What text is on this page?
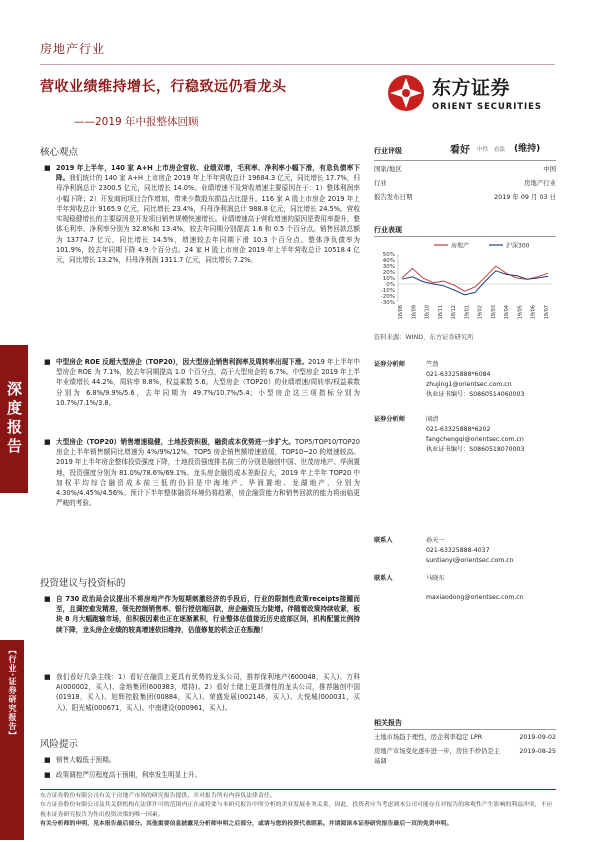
房地产行业
营收业绩维持增长，行稳致远仍看龙头
——2019 年中报整体回顾
东方证券
ORIENT SECURITIES
深度报告
【行业·证券研究报告】
核心观点
■ 2019 年上半年，140 家 A+H 上市房企营收、业绩双增，毛利率、净利率小幅下滑，有息负债率下降。我们统计的 140 家 A+H 上市房企 2019 年上半年营收总计 19684.3 亿元，同比增长 17.7%，归母净利润总计 2300.5 亿元，同比增长 14.0%。业绩增速不及营收增速主要原因在于：1）整体利润率小幅下降；2）开发商间项目合作增加，带来少数股东损益占比提升。116 家 A 股上市房企 2019 年上半年营收总计 9165.9 亿元，同比增长 23.4%，归母净利润总计 988.8 亿元，同比增长 24.5%。营收实现稳健增长的主要原因是开发项目销售规模快速增长。业绩增速高于营收增速的原因是费用率提升，整体毛利率、净利率分别为 32.8%和 13.4%，较去年同期分别提高 1.6 和 0.5 个百分点。销售回款总额为 13774.7 亿元，同比增长 14.5%，增速较去年同期下滑 10.3 个百分点。整体净负债率为 101.9%，较去年同期下降 4.9 个百分点。24 家 H 股上市房企 2019 年上半年营收总计 10518.4 亿元，同比增长 13.2%，归母净利润 1311.7 亿元，同比增长 7.2%。
■ 中型房企 ROE 反超大型房企（TOP20），因大型房企销售利润率及周转率出现下滑。2019 年上半年中型房企 ROE 为 7.1%，较去年同期提高 1.0 个百分点，高于大型房企的 6.7%。中型房企 2019 年上半年业绩增长 44.2%，周转率 8.8%，权益乘数 5.6。大型房企（TOP20）的业绩增速/周转率/权益乘数分别为 6.8%/9.9%/5.6，去年同期为 49.7%/10.7%/5.4；小型房企这三项指标分别为 10.7%/7.1%/3.8。
■ 大型房企（TOP20）销售增速稳健，土地投资积极，融资成本优势进一步扩大。TOP5/TOP10/TOP20 房企上半年销售额同比增速为 4%/9%/12%，TOP5 房企销售额增速放缓，TOP10~20 的增速较高。2019 年上半年房企整体投资强度下降，土地投资强度排名前三的分别是融创中国、世茂房地产、华润置地，投资强度分别为 81.0%/78.6%/69.1%。龙头房企融资成本差距拉大，2019 年上半年 TOP20 中加权平均综合融资成本前三低的仍旧是中海地产、华润置地、龙湖地产，分别为 4.30%/4.45%/4.56%。预计下半年整体融资环境仍将趋紧，房企融资能力和销售回款的能力将面临更严峻的考验。
投资建议与投资标的
■ 自 730 政治局会议提出不将房地产作为短期刺激经济的手段后，行业的限制性政策receipts接踵而至，且调控愈发精准，领先控制销售率、银行授信端回款，房企融资压力陡增。伴随着政策持续收紧，板块 8 月大幅跑输市场，但积极因素也正在逐渐累积，行业整体估值接近历史底部区间，机构配置比例持续下降，龙头房企业绩的较高增速依旧维持，估值修复的机会正在酝酿！
■ 我们看好几条主线：1）看好在融资上更具有优势的龙头公司，推荐保利地产(600048，买入)、万科 A(000002，买入)、金地集团(600383，增持)。2）看好土储上更具弹性的龙头公司，推荐融创中国(01918，买入)、旭辉控股集团(00884，买入)、荣盛发展(002146，买入)、大悦城(000031，买入)、阳光城(000671，买入)、中南建设(000961，买入)。
风险提示
■ 销售大幅低于预期。
■ 政策调控严厉程度高于预期，利率发生明显上升。
行业评级	看好 中性　看淡 (维持)
国家/地区	中国
行业	房地产行业
报告发布日期	2019 年 09 月 03 日
行业表现
房地产	沪深300
50%
40%
30%
20%
10%
0%
-10%
-20%
-30%
18/08 18/09 18/10 18/11 18/12 19/01 19/02 19/03 19/04 19/05 19/06 19/07
资料来源：WIND、东方证券研究所
证券分析师	竺劲
021-63325888*6084
zhujing1@orientsec.com.cn
执业证书编号：S0860514060003
证券分析师	闻清
021-63325888*6202
fangchengqi@orientsec.com.cn
执业证书编号：S0860518070003
联系人	孙天一
021-63325888-4037
suntianyi@orientsec.com.cn
联系人	马晓东
maxiaodong@orientsec.com.cn
相关报告
土地市场趋于理性，房企利率稳定 LPR	2019-09-02
房地产市场变化逐步进一步，房住不炒仍是主基调
2019-08-25
东方证券股份有限公司有关于房地产市场的研究报告提供，并对报告所有内容负法律责任。
东方证券股份有限公司及其关联机构在法律许可的范围内正在或将要与本研究报告中所分析的企业发展业务关系，因此，投资者应当考虑到本公司可能存在对报告的客观性产生影响的利益冲突，不应视本证券研究报告为作出投资决策的唯一因素。
有关分析师的申明，见本报告最后部分。其他重要信息披露见分析师申明之后部分，或请与您的投资代表联系。并请阅读本证券研究报告最后一页的免责申明。
